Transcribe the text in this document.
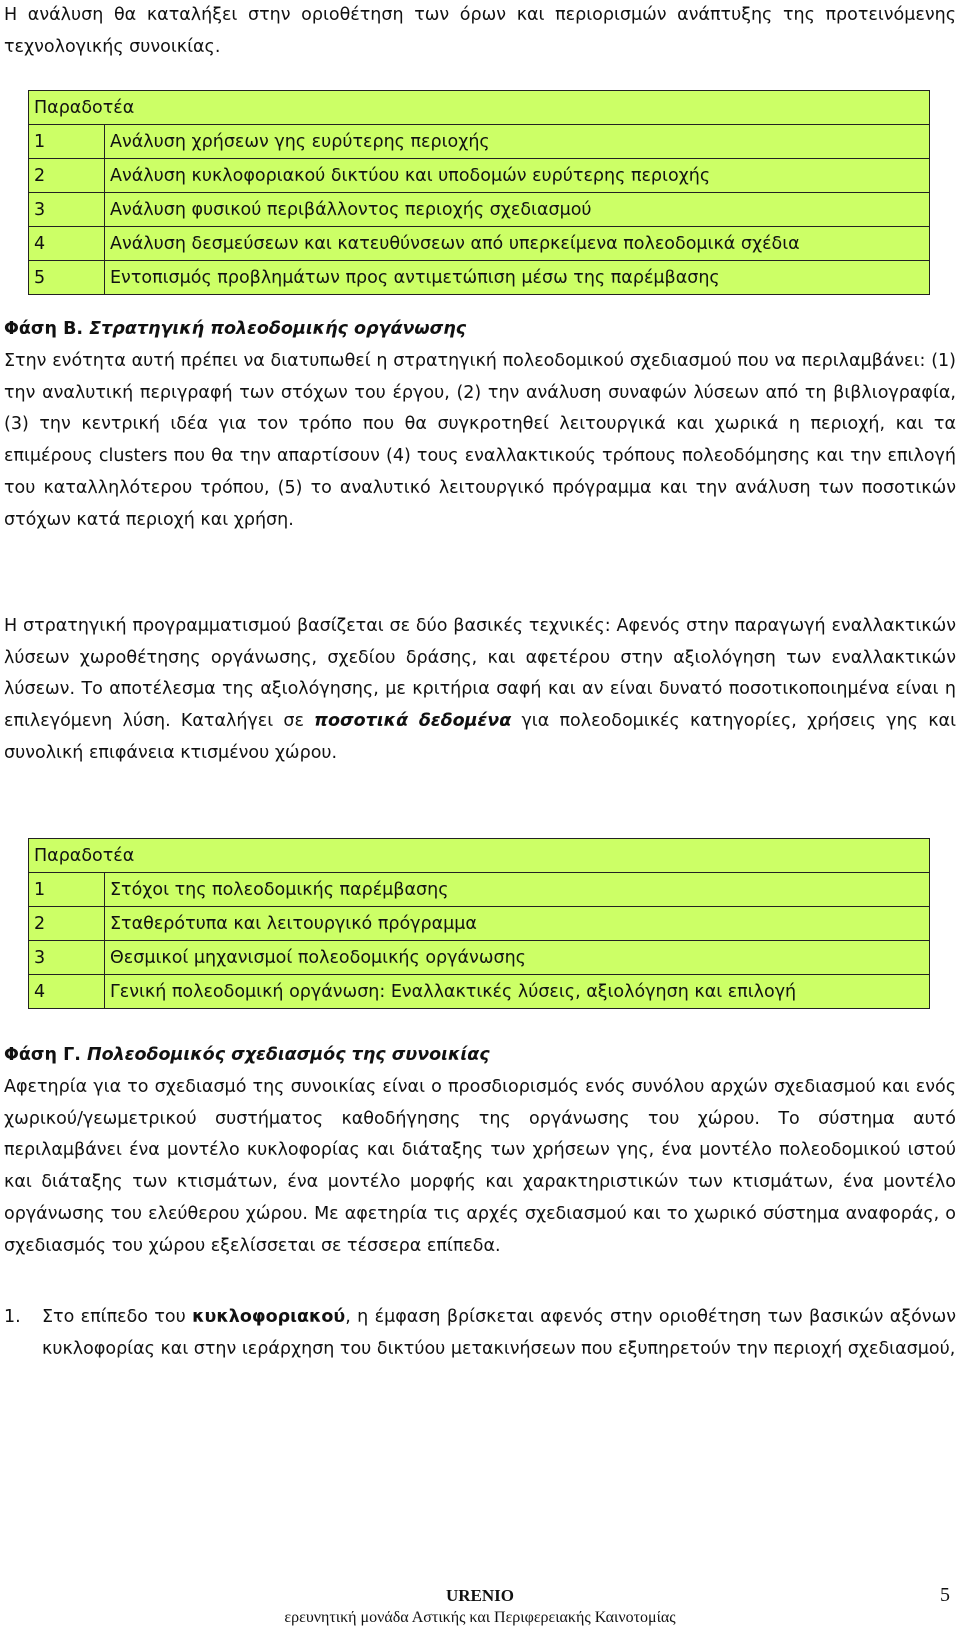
Η ανάλυση θα καταλήξει στην οριοθέτηση των όρων και περιορισμών ανάπτυξης της προτεινόμενης τεχνολογικής συνοικίας.

Παραδοτέα	
1	Ανάλυση χρήσεων γης ευρύτερης περιοχής
2	Ανάλυση κυκλοφοριακού δικτύου και υποδομών ευρύτερης περιοχής
3	Ανάλυση φυσικού περιβάλλοντος περιοχής σχεδιασμού
4	Ανάλυση δεσμεύσεων και κατευθύνσεων από υπερκείμενα πολεοδομικά σχέδια
5	Εντοπισμός προβλημάτων προς αντιμετώπιση μέσω της παρέμβασης

Φάση Β. Στρατηγική πολεοδομικής οργάνωσης

Στην ενότητα αυτή πρέπει να διατυπωθεί η στρατηγική πολεοδομικού σχεδιασμού που να περιλαμβάνει: (1) την αναλυτική περιγραφή των στόχων του έργου, (2) την ανάλυση συναφών λύσεων από τη βιβλιογραφία, (3) την κεντρική ιδέα για τον τρόπο που θα συγκροτηθεί λειτουργικά και χωρικά η περιοχή, και τα επιμέρους clusters που θα την απαρτίσουν (4) τους εναλλακτικούς τρόπους πολεοδόμησης και την επιλογή του καταλληλότερου τρόπου, (5) το αναλυτικό λειτουργικό πρόγραμμα και την ανάλυση των ποσοτικών στόχων κατά περιοχή και χρήση.

Η στρατηγική προγραμματισμού βασίζεται σε δύο βασικές τεχνικές: Αφενός στην παραγωγή εναλλακτικών λύσεων χωροθέτησης οργάνωσης, σχεδίου δράσης, και αφετέρου στην αξιολόγηση των εναλλακτικών λύσεων. Το αποτέλεσμα της αξιολόγησης, με κριτήρια σαφή και αν είναι δυνατό ποσοτικοποιημένα είναι η επιλεγόμενη λύση. Καταλήγει σε ποσοτικά δεδομένα για πολεοδομικές κατηγορίες, χρήσεις γης και συνολική επιφάνεια κτισμένου χώρου.

Παραδοτέα	
1	Στόχοι της πολεοδομικής παρέμβασης
2	Σταθερότυπα και λειτουργικό πρόγραμμα
3	Θεσμικοί μηχανισμοί πολεοδομικής οργάνωσης
4	Γενική πολεοδομική οργάνωση: Εναλλακτικές λύσεις, αξιολόγηση και επιλογή

Φάση Γ. Πολεοδομικός σχεδιασμός της συνοικίας

Αφετηρία για το σχεδιασμό της συνοικίας είναι ο προσδιορισμός ενός συνόλου αρχών σχεδιασμού και ενός χωρικού/γεωμετρικού συστήματος καθοδήγησης της οργάνωσης του χώρου. Το σύστημα αυτό περιλαμβάνει ένα μοντέλο κυκλοφορίας και διάταξης των χρήσεων γης, ένα μοντέλο πολεοδομικού ιστού και διάταξης των κτισμάτων, ένα μοντέλο μορφής και χαρακτηριστικών των κτισμάτων, ένα μοντέλο οργάνωσης του ελεύθερου χώρου. Με αφετηρία τις αρχές σχεδιασμού και το χωρικό σύστημα αναφοράς, ο σχεδιασμός του χώρου εξελίσσεται σε τέσσερα επίπεδα.

1. Στο επίπεδο του κυκλοφοριακού, η έμφαση βρίσκεται αφενός στην οριοθέτηση των βασικών αξόνων κυκλοφορίας και στην ιεράρχηση του δικτύου μετακινήσεων που εξυπηρετούν την περιοχή σχεδιασμού,
URENIO
ερευνητική μονάδα Αστικής και Περιφερειακής Καινοτομίας
5
